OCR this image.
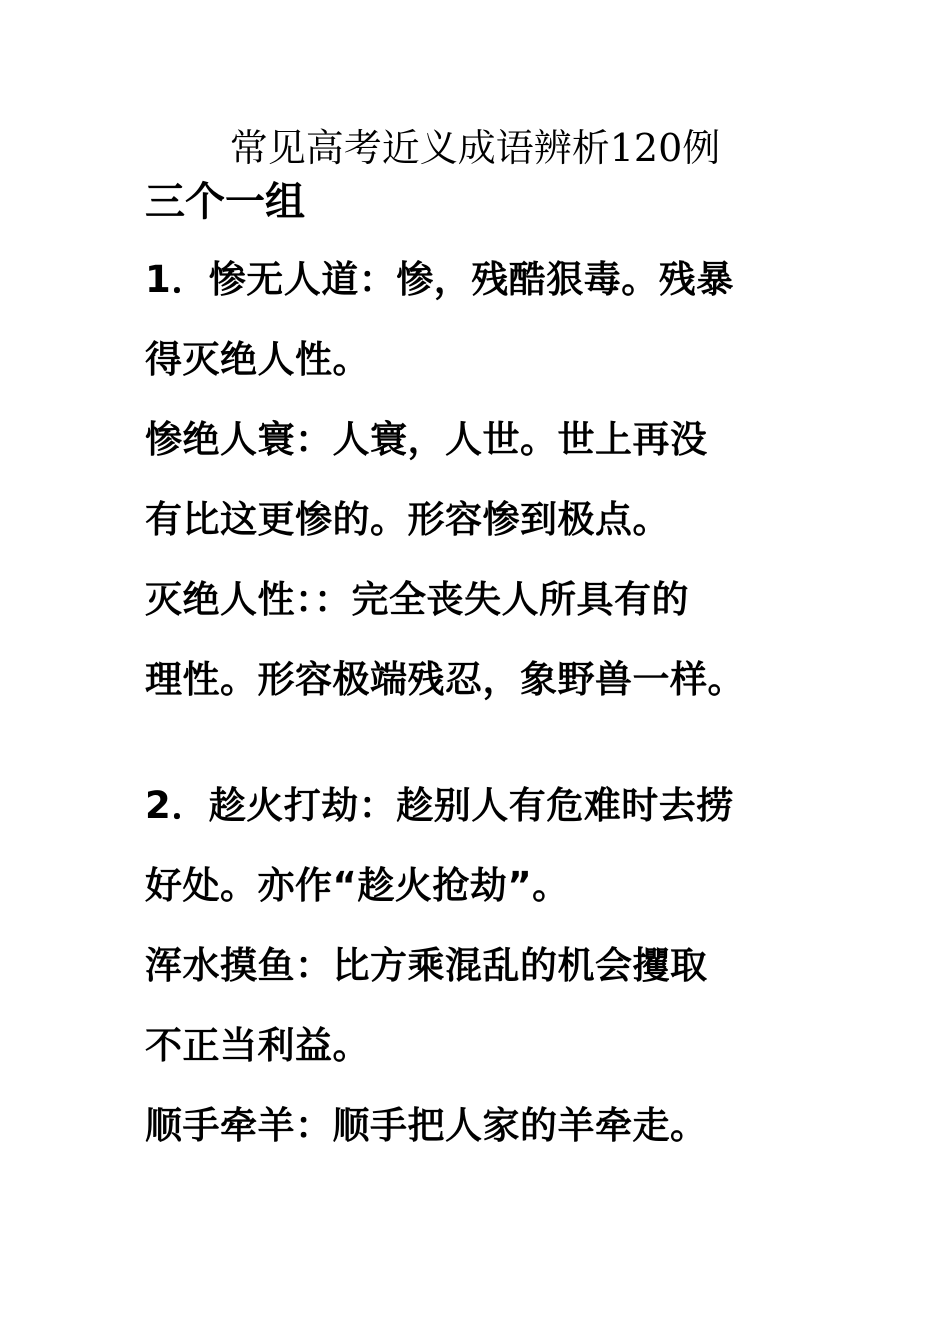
常见高考近义成语辨析120例
三个一组
1．惨无人道：惨，残酷狠毒。残暴
得灭绝人性。
惨绝人寰：人寰，人世。世上再没
有比这更惨的。形容惨到极点。
灭绝人性：：完全丧失人所具有的
理性。形容极端残忍，象野兽一样。
2．趁火打劫：趁别人有危难时去捞
好处。亦作“趁火抢劫”。
浑水摸鱼：比方乘混乱的机会攫取
不正当利益。
顺手牵羊：顺手把人家的羊牵走。
